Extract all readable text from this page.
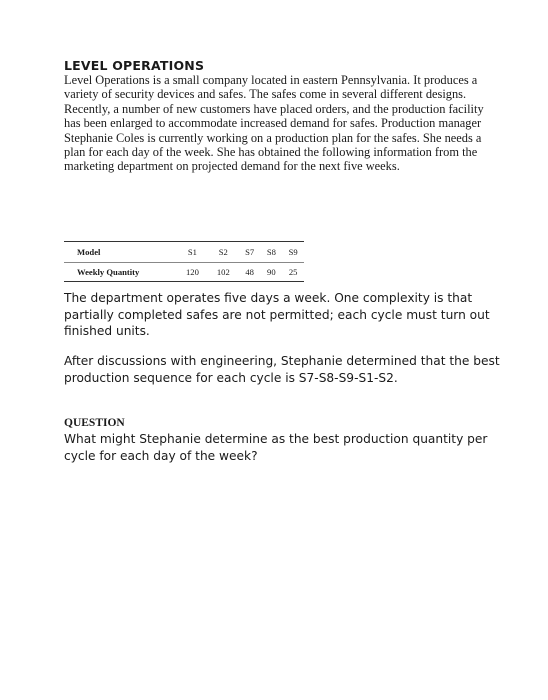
LEVEL OPERATIONS

Level Operations is a small company located in eastern Pennsylvania. It produces a variety of security devices and safes. The safes come in several different designs. Recently, a number of new customers have placed orders, and the production facility has been enlarged to accommodate increased demand for safes. Production manager Stephanie Coles is currently working on a production plan for the safes. She needs a plan for each day of the week. She has obtained the following information from the marketing department on projected demand for the next five weeks.

Model	S1	S2	S7	S8	S9
Weekly Quantity	120	102	48	90	25

The department operates five days a week. One complexity is that partially completed safes are not permitted; each cycle must turn out finished units.

After discussions with engineering, Stephanie determined that the best production sequence for each cycle is S7-S8-S9-S1-S2.

QUESTION

What might Stephanie determine as the best production quantity per cycle for each day of the week?
